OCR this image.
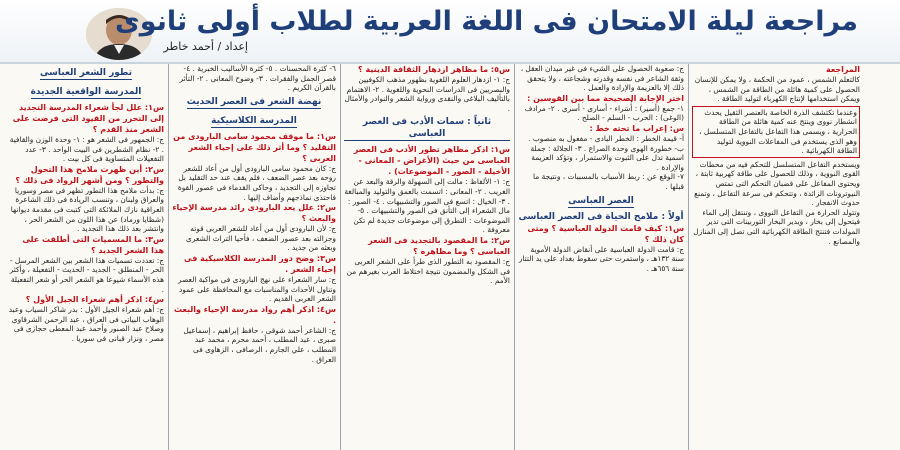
إعداد / أحمد خاطر
مراجعة ليلة الامتحان فى اللغة العربية لطلاب أولى ثانوى
تطور الشعر العباسى
المدرسة الواقعية الجديدة

س١: علل لجأ شعراء المدرسة التجديد إلى التحرر من القيود التى فرضت على الشعر منذ القدم ؟

ج: الجمهور فى الشعر هو : ١- وحدة الوزن والقافية . ٢- نظام الشطرين فى البيت الواحد . ٣- عدد التفعيلات المتساوية فى كل بيت .

س٢: أين ظهرت ملامح هذا التحول والتطور ؟ ومن أشهر الرواد فى ذلك ؟

ج: بدأت ملامح هذا التطور تظهر فى مصر وسوريا والعراق ولبنان ، وتنسب الريادة فى ذلك الشاعرة العراقية نازك الملائكة التى كتبت فى مقدمة ديوانها (شظايا ورماد) عن هذا اللون من الشعر الحر ، وانتشر بعد ذلك هذا التجديد .

س٣: ما المسميات التى أطلقت على هذا الشعر الجديد ؟

ج: تعددت تسميات هذا الشعر بين الشعر المرسل - الحر - المنطلق - الجديد - الحديث - التفعيلة ، وأكثر هذه الأسماء شيوعا هو الشعر الحر أو شعر التفعيلة .

س٤: اذكر أهم شعراء الجيل الأول ؟

ج: أهم شعراء الجيل الأول : بدر شاكر السياب وعبد الوهاب البياتى فى العراق ، عبد الرحمن الشرقاوى وصلاح عبد الصبور وأحمد عبد المعطى حجازى فى مصر ، ونزار قبانى فى سوريا .

٦- كثرة المحسنات . ٥- كثرة الأساليب الخبرية . ٤- قصر الجمل والفقرات . ٣- وضوح المعانى . ٢- التأثر بالقرآن الكريم .

نهضة الشعر فى العصر الحديث
المدرسة الكلاسيكية

س١: ما موقف محمود سامى البارودى من التقليد ؟ وما أثر ذلك على إحياء الشعر العربى ؟

ج: كان محمود سامى البارودى أول من أعاد للشعر روحه بعد عصر الضعف ، فلم يقف عند حد التقليد بل تجاوزه إلى التجديد ، وحاكى القدماء فى عصور القوة فاحتذى نماذجهم وأضاف إليها .

س٢: علل يعد البارودى رائد مدرسة الإحياء والبعث ؟

ج: لأن البارودى أول من أعاد للشعر العربى قوته وجزالته بعد عصور الضعف ، فأحيا التراث الشعرى وبعثه من جديد .

س٣: وضح دور المدرسة الكلاسيكية فى إحياء الشعر .

ج: سار الشعراء على نهج البارودى فى مواكبة العصر وتناول الأحداث والمناسبات مع المحافظة على عمود الشعر العربى القديم .

س٤: اذكر أهم رواد مدرسة الإحياء والبعث .

ج: الشاعر أحمد شوقى ، حافظ إبراهيم ، إسماعيل صبرى ، عبد المطلب ، أحمد محرم ، محمد عبد المطلب ، علي الجارم ، الرصافى ، الزهاوى فى العراق .

س٥: ما مظاهر ازدهار الثقافة الدينية ؟

ج: ١- ازدهار العلوم اللغوية بظهور مذهب الكوفيين والبصريين فى الدراسات النحوية واللغوية . ٢- الاهتمام بالتأليف البلاغى والنقدى ورواية الشعر والنوادر والأمثال .

ثانياً : سمات الأدب فى العصر العباسى

س١: اذكر مظاهر تطور الأدب فى العصر العباسى من حيث (الأغراض - المعانى - الأخيلة - الصور - الموضوعات) .

ج: ١- الألفاظ : مالت إلى السهولة والرقة والبعد عن الغريب . ٢- المعانى : اتسمت بالعمق والتوليد والمبالغة . ٣- الخيال : اتسع فى الصور والتشبيهات . ٤- الصور : مال الشعراء إلى التأنق فى الصور والتشبيهات . ٥- الموضوعات : التطرق إلى موضوعات جديدة لم تكن معروفة .

س٢: ما المقصود بالتجديد فى الشعر العباسى ؟ وما مظاهره ؟

ج: المقصود به التطور الذى طرأ على الشعر العربى فى الشكل والمضمون نتيجة اختلاط العرب بغيرهم من الأمم .

ج: صعوبة الحصول على الشيء فى غير ميدان العقل ، وثقة الشاعر فى نفسه وقدرته وشجاعته ، ولا يتحقق ذلك إلا بالعزيمة والإرادة والعمل .

اختر الإجابة الصحيحة مما بين القوسين :

١- جمع (أسير) : أُسَراء - أسارى - أسرى . ٢- مرادف (الوغى) : الحرب - السلم - الصلح .

س: إعراب ما تحته خط :

أ- قيمة الخطر : الخطر البادى - مفعول به منصوب . ب- خطورة الهوى وحدة الصراع . ٣- الجلالة : جملة اسمية تدل على الثبوت والاستمرار ، وتؤكد العزيمة والإرادة .

٧- الوقع عن : ربط الأسباب بالمسببات ، ونتيجة ما قبلها .

العصر العباسى
أولاً : ملامح الحياة فى العصر العباسى

س١: كيف قامت الدولة العباسية ؟ ومتى كان ذلك ؟

ج: قامت الدولة العباسية على أنقاض الدولة الأموية سنة ١٣٢هـ ، واستمرت حتى سقوط بغداد على يد التتار سنة ٦٥٦هـ .

المراجعة

كالتعلم الشمس ، عمود من الحكمة ، ولا يمكن للإنسان الحصول على كمية هائلة من الطاقة من الشمس ، ويمكن استخدامها لإنتاج الكهرباء لتوليد الطاقة .

وعندما تكتشف الذرة الخاصة بالعنصر الثقيل يحدث انشطار نووى وينتج عنه كمية هائلة من الطاقة الحرارية ، ويسمى هذا التفاعل بالتفاعل المتسلسل ، وهو الذى يستخدم فى المفاعلات النووية لتوليد الطاقة الكهربائية .

ويستخدم التفاعل المتسلسل للتحكم فيه من محطات القوى النووية ، وذلك للحصول على طاقة كهربية ثابتة ، ويحتوى المفاعل على قضبان التحكم التى تمتص النيوترونات الزائدة ، وتتحكم فى سرعة التفاعل ، وتمنع حدوث الانفجار .

وتتولد الحرارة من التفاعل النووى ، وتنتقل إلى الماء فيتحول إلى بخار ، ويدير البخار التوربينات التى تدير المولدات فتنتج الطاقة الكهربائية التى تصل إلى المنازل والمصانع .
